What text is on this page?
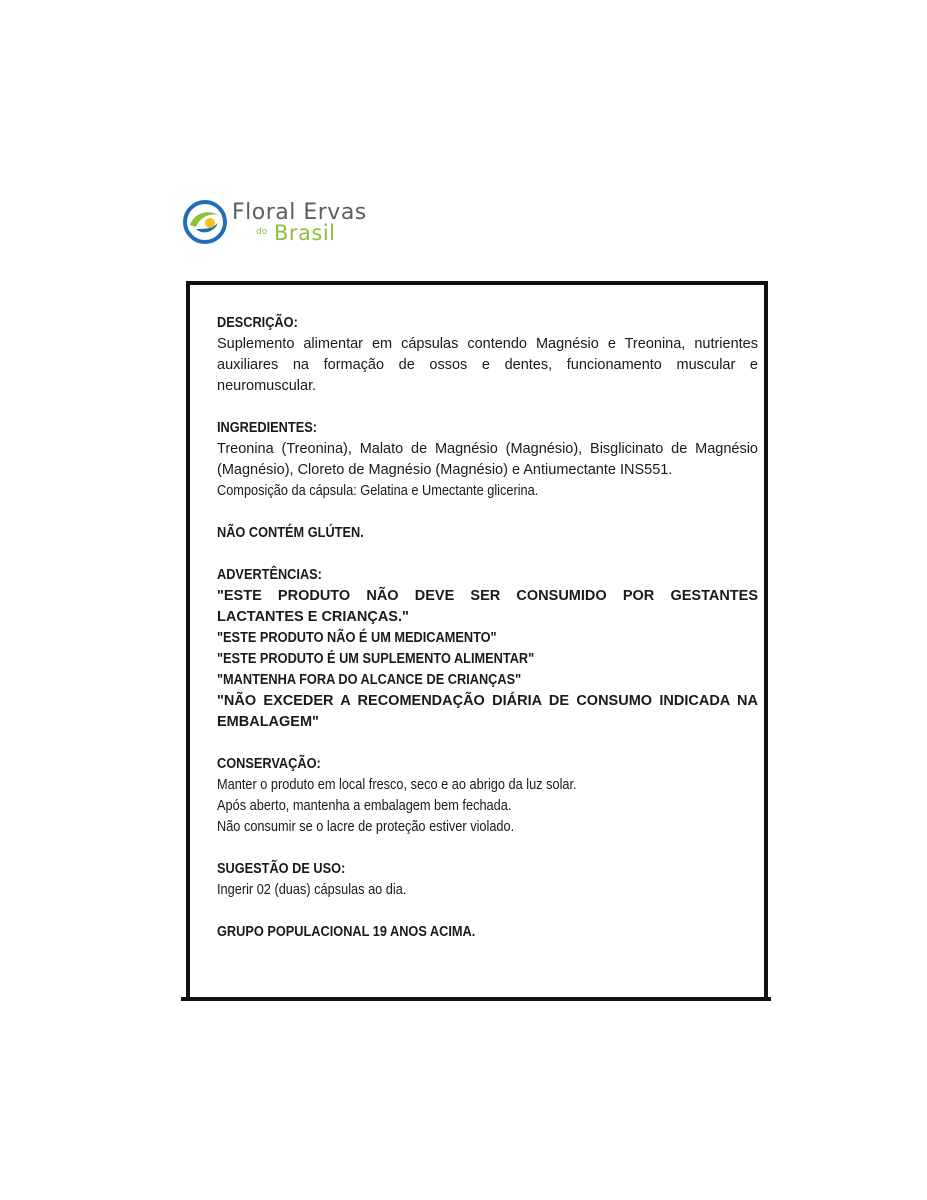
Floral Ervas
do Brasil
DESCRIÇÃO:
Suplemento alimentar em cápsulas contendo Magnésio e Treonina, nutrientes auxiliares na formação de ossos e dentes, funcionamento muscular e neuromuscular.
INGREDIENTES:
Treonina (Treonina), Malato de Magnésio (Magnésio), Bisglicinato de Magnésio (Magnésio), Cloreto de Magnésio (Magnésio) e Antiumectante INS551.
Composição da cápsula: Gelatina e Umectante glicerina.
NÃO CONTÉM GLÚTEN.
ADVERTÊNCIAS:
"ESTE PRODUTO NÃO DEVE SER CONSUMIDO POR GESTANTES LACTANTES E CRIANÇAS."
"ESTE PRODUTO NÃO É UM MEDICAMENTO"
"ESTE PRODUTO É UM SUPLEMENTO ALIMENTAR"
"MANTENHA FORA DO ALCANCE DE CRIANÇAS"
"NÃO EXCEDER A RECOMENDAÇÃO DIÁRIA DE CONSUMO INDICADA NA EMBALAGEM"
CONSERVAÇÃO:
Manter o produto em local fresco, seco e ao abrigo da luz solar.
Após aberto, mantenha a embalagem bem fechada.
Não consumir se o lacre de proteção estiver violado.
SUGESTÃO DE USO:
Ingerir 02 (duas) cápsulas ao dia.
GRUPO POPULACIONAL 19 ANOS ACIMA.
